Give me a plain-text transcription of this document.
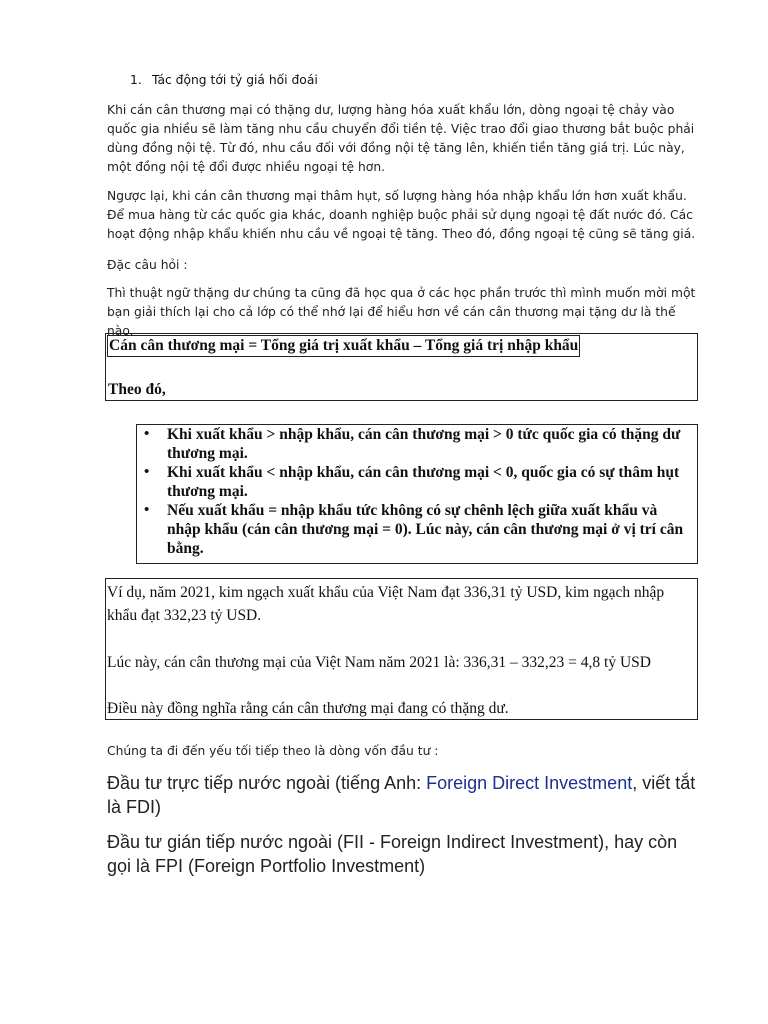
1. Tác động tới tỷ giá hối đoái
Khi cán cân thương mại có thặng dư, lượng hàng hóa xuất khẩu lớn, dòng ngoại tệ chảy vào quốc gia nhiều sẽ làm tăng nhu cầu chuyển đổi tiền tệ. Việc trao đổi giao thương bắt buộc phải dùng đồng nội tệ. Từ đó, nhu cầu đối với đồng nội tệ tăng lên, khiến tiền tăng giá trị. Lúc này, một đồng nội tệ đổi được nhiều ngoại tệ hơn.
Ngược lại, khi cán cân thương mại thâm hụt, số lượng hàng hóa nhập khẩu lớn hơn xuất khẩu. Để mua hàng từ các quốc gia khác, doanh nghiệp buộc phải sử dụng ngoại tệ đất nước đó. Các hoạt động nhập khẩu khiến nhu cầu về ngoại tệ tăng. Theo đó, đồng ngoại tệ cũng sẽ tăng giá.
Đặc câu hỏi :
Thì thuật ngữ thặng dư chúng ta cũng đã học qua ở các học phần trước thì mình muốn mời một bạn giải thích lại cho cả lớp có thể nhớ lại để hiểu hơn về cán cân thương mại tặng dư là thế nào.
Cán cân thương mại = Tổng giá trị xuất khẩu – Tổng giá trị nhập khẩu
Theo đó,
• Khi xuất khẩu > nhập khẩu, cán cân thương mại > 0 tức quốc gia có thặng dư thương mại.
• Khi xuất khẩu < nhập khẩu, cán cân thương mại < 0, quốc gia có sự thâm hụt thương mại.
• Nếu xuất khẩu = nhập khẩu tức không có sự chênh lệch giữa xuất khẩu và nhập khẩu (cán cân thương mại = 0). Lúc này, cán cân thương mại ở vị trí cân bằng.
Ví dụ, năm 2021, kim ngạch xuất khẩu của Việt Nam đạt 336,31 tỷ USD, kim ngạch nhập
khẩu đạt 332,23 tỷ USD.
Lúc này, cán cân thương mại của Việt Nam năm 2021 là: 336,31 – 332,23 = 4,8 tỷ USD
Điều này đồng nghĩa rằng cán cân thương mại đang có thặng dư.
Chúng ta đi đến yếu tối tiếp theo là dòng vốn đầu tư :
Đầu tư trực tiếp nước ngoài (tiếng Anh: Foreign Direct Investment, viết tắt là FDI)
Đầu tư gián tiếp nước ngoài (FII - Foreign Indirect Investment), hay còn gọi là FPI (Foreign Portfolio Investment)
